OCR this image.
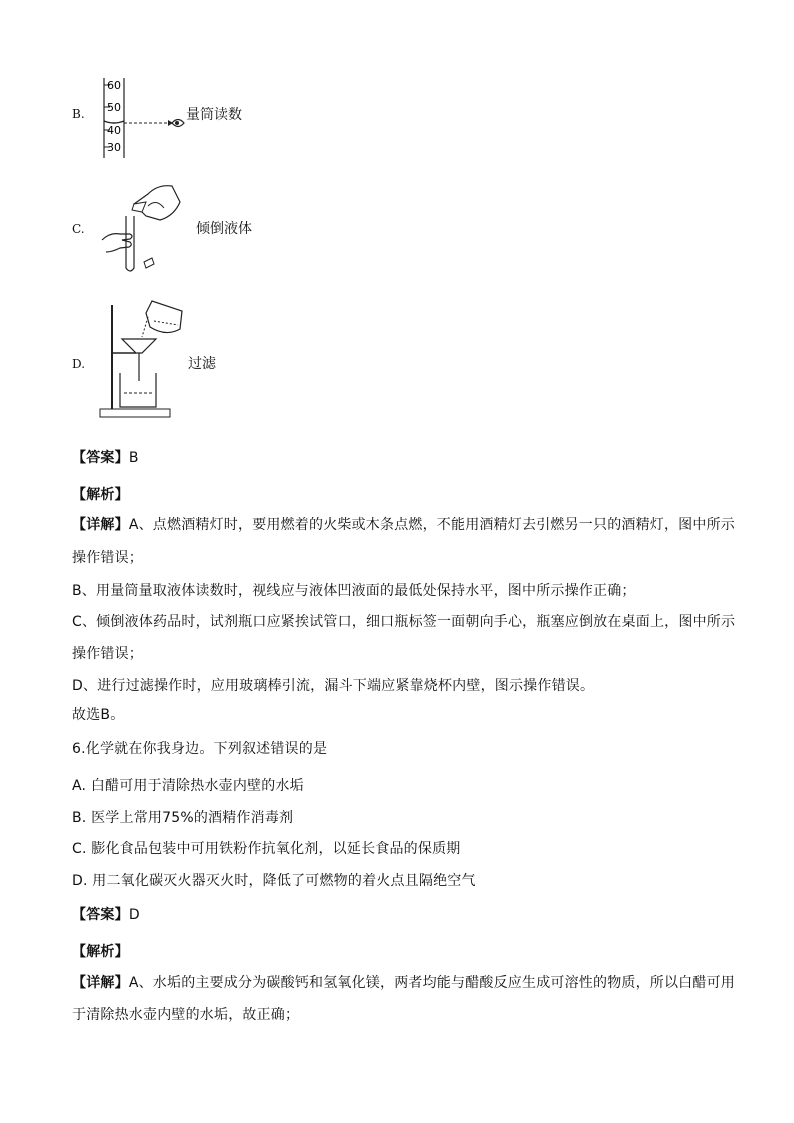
B.
60
50
40
30
量筒读数
C.	倾倒液体
D.	过滤
【答案】B
【解析】
【详解】A、点燃酒精灯时，要用燃着的火柴或木条点燃，不能用酒精灯去引燃另一只的酒精灯，图中所示
操作错误；
B、用量筒量取液体读数时，视线应与液体凹液面的最低处保持水平，图中所示操作正确；
C、倾倒液体药品时，试剂瓶口应紧挨试管口，细口瓶标签一面朝向手心，瓶塞应倒放在桌面上，图中所示
操作错误；
D、进行过滤操作时，应用玻璃棒引流，漏斗下端应紧靠烧杯内壁，图示操作错误。
故选B。
6.化学就在你我身边。下列叙述错误的是
A. 白醋可用于清除热水壶内壁的水垢
B. 医学上常用75%的酒精作消毒剂
C. 膨化食品包装中可用铁粉作抗氧化剂，以延长食品的保质期
D. 用二氧化碳灭火器灭火时，降低了可燃物的着火点且隔绝空气
【答案】D
【解析】
【详解】A、水垢的主要成分为碳酸钙和氢氧化镁，两者均能与醋酸反应生成可溶性的物质，所以白醋可用
于清除热水壶内壁的水垢，故正确；
